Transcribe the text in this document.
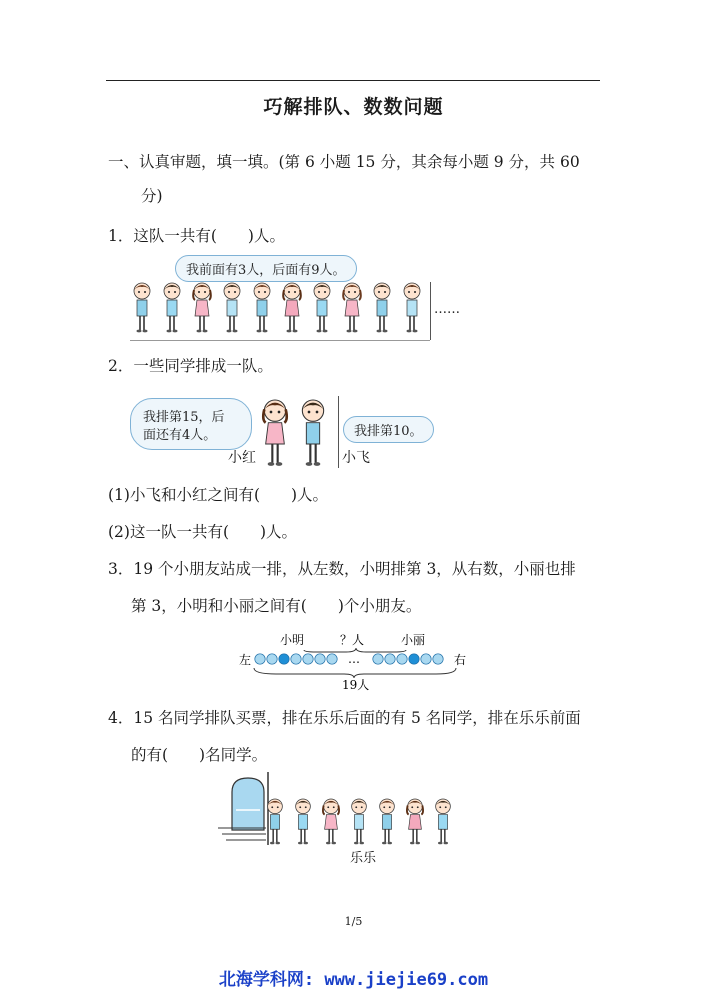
巧解排队、数数问题
一、认真审题，填一填。(第 6 小题 15 分，其余每小题 9 分，共 60
分)
1．这队一共有(　　)人。
我前面有3人，后面有9人。
……
2．一些同学排成一队。
我排第15，后
面还有4人。	我排第10。
小红	小飞
(1)小飞和小红之间有(　　)人。
(2)这一队一共有(　　)人。
3．19 个小朋友站成一排，从左数，小明排第 3，从右数，小丽也排
第 3，小明和小丽之间有(　　)个小朋友。
小明	？人	小丽
左	右
…
19人
4．15 名同学排队买票，排在乐乐后面的有 5 名同学，排在乐乐前面
的有(　　)名同学。
乐乐
1/5
北海学科网: www.jiejie69.com
